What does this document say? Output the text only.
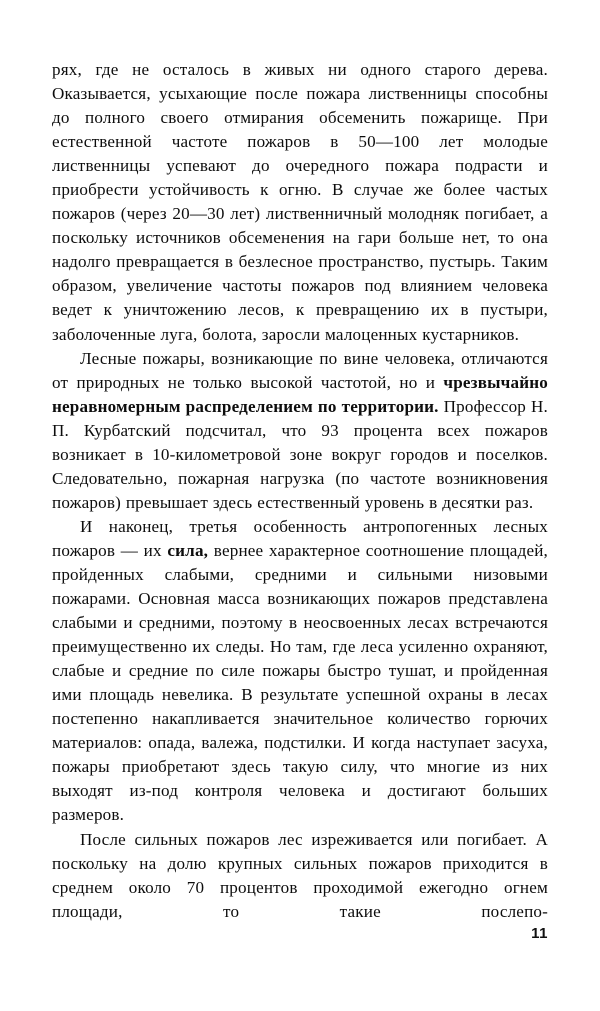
рях, где не осталось в живых ни одного старого дерева. Оказывается, усыхающие после пожара лиственницы способны до полного своего отмирания обсеменить пожарище. При естественной частоте пожаров в 50—100 лет молодые лиственницы успевают до очередного пожара подрасти и приобрести устойчивость к огню. В случае же более частых пожаров (через 20—30 лет) лиственничный молодняк погибает, а поскольку источников обсеменения на гари больше нет, то она надолго превращается в безлесное пространство, пустырь. Таким образом, увеличение частоты пожаров под влиянием человека ведет к уничтожению лесов, к превращению их в пустыри, заболоченные луга, болота, заросли малоценных кустарников.

Лесные пожары, возникающие по вине человека, отличаются от природных не только высокой частотой, но и чрезвычайно неравномерным распределением по территории. Профессор Н. П. Курбатский подсчитал, что 93 процента всех пожаров возникает в 10-километровой зоне вокруг городов и поселков. Следовательно, пожарная нагрузка (по частоте возникновения пожаров) превышает здесь естественный уровень в десятки раз.

И наконец, третья особенность антропогенных лесных пожаров — их сила, вернее характерное соотношение площадей, пройденных слабыми, средними и сильными низовыми пожарами. Основная масса возникающих пожаров представлена слабыми и средними, поэтому в неосвоенных лесах встречаются преимущественно их следы. Но там, где леса усиленно охраняют, слабые и средние по силе пожары быстро тушат, и пройденная ими площадь невелика. В результате успешной охраны в лесах постепенно накапливается значительное количество горючих материалов: опада, валежа, подстилки. И когда наступает засуха, пожары приобретают здесь такую силу, что многие из них выходят из-под контроля человека и достигают больших размеров.

После сильных пожаров лес изреживается или погибает. А поскольку на долю крупных сильных пожаров приходится в среднем около 70 процентов проходимой ежегодно огнем площади, то такие послепо-

11
